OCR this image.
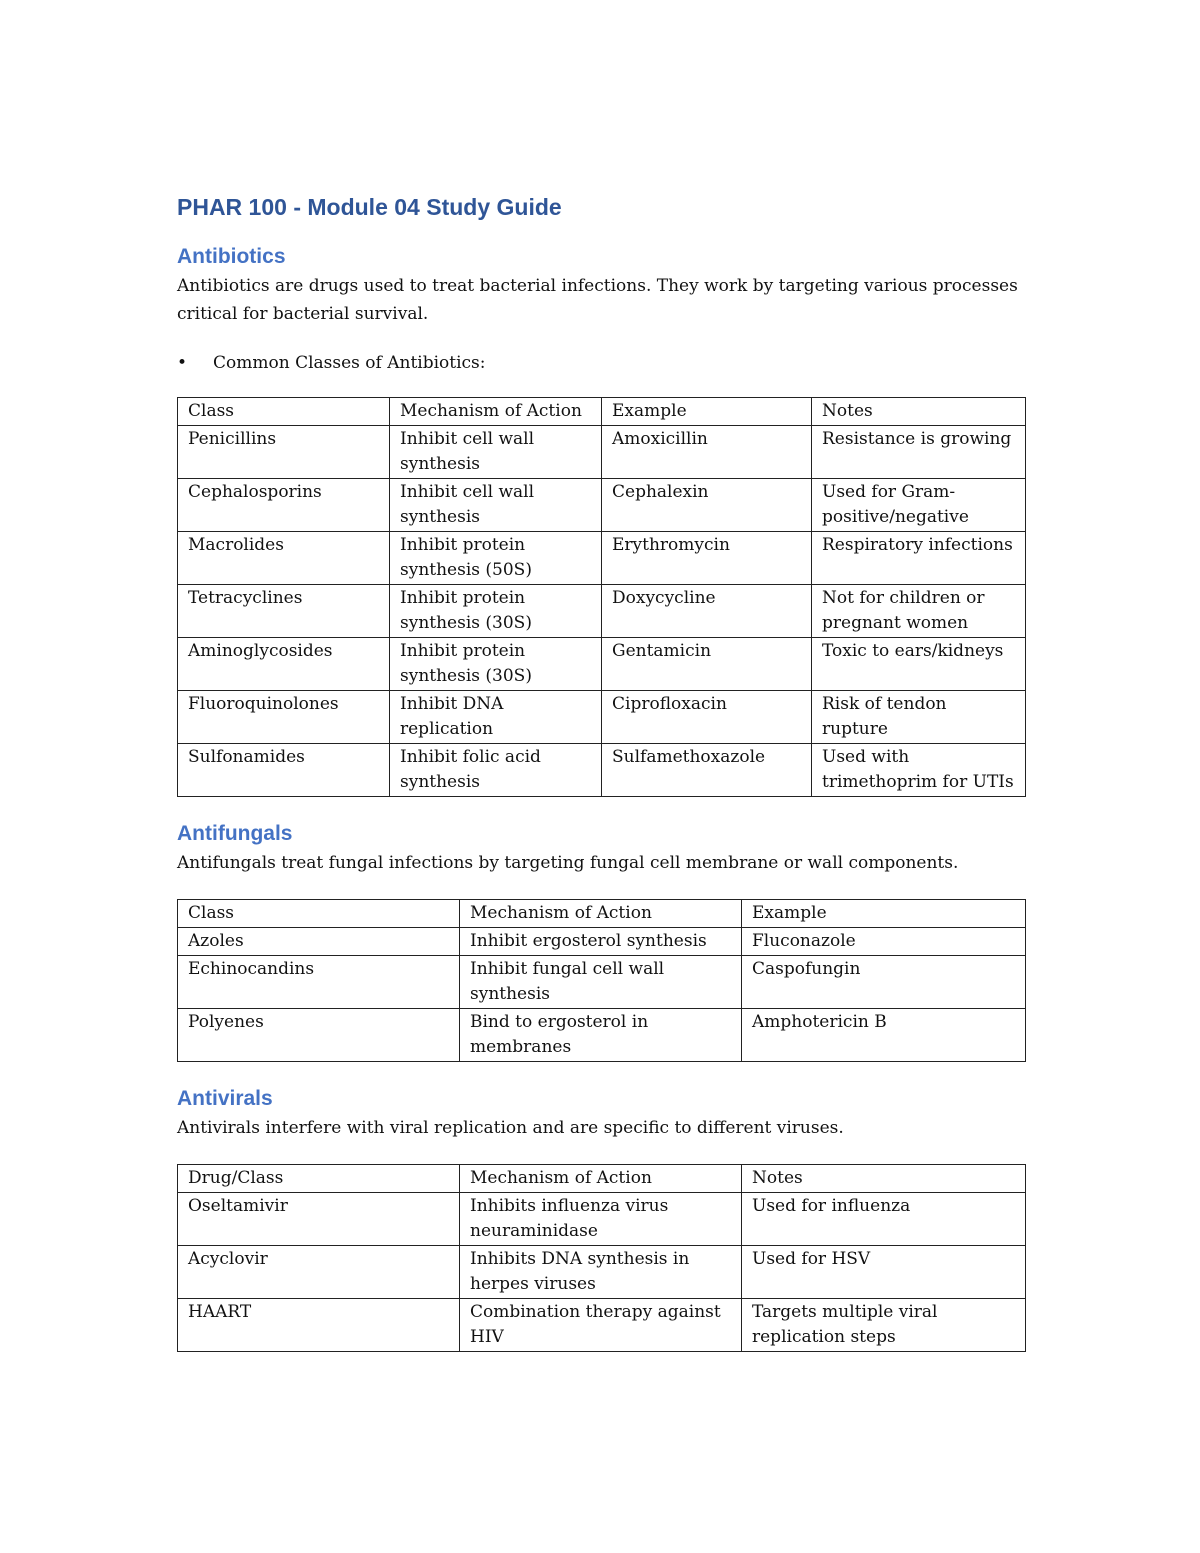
PHAR 100 - Module 04 Study Guide
Antibiotics

Antibiotics are drugs used to treat bacterial infections. They work by targeting various processes critical for bacterial survival.

• Common Classes of Antibiotics:
Class	Mechanism of Action	Example	Notes
Penicillins	Inhibit cell wall synthesis	Amoxicillin	Resistance is growing
Cephalosporins	Inhibit cell wall synthesis	Cephalexin	Used for Gram-positive/negative
Macrolides	Inhibit protein synthesis (50S)	Erythromycin	Respiratory infections
Tetracyclines	Inhibit protein synthesis (30S)	Doxycycline	Not for children or pregnant women
Aminoglycosides	Inhibit protein synthesis (30S)	Gentamicin	Toxic to ears/kidneys
Fluoroquinolones	Inhibit DNA replication	Ciprofloxacin	Risk of tendon rupture
Sulfonamides	Inhibit folic acid synthesis	Sulfamethoxazole	Used with trimethoprim for UTIs
Antifungals

Antifungals treat fungal infections by targeting fungal cell membrane or wall components.

Class	Mechanism of Action	Example
Azoles	Inhibit ergosterol synthesis	Fluconazole
Echinocandins	Inhibit fungal cell wall synthesis	Caspofungin
Polyenes	Bind to ergosterol in membranes	Amphotericin B
Antivirals

Antivirals interfere with viral replication and are specific to different viruses.

Drug/Class	Mechanism of Action	Notes
Oseltamivir	Inhibits influenza virus neuraminidase	Used for influenza
Acyclovir	Inhibits DNA synthesis in herpes viruses	Used for HSV
HAART	Combination therapy against HIV	Targets multiple viral replication steps
